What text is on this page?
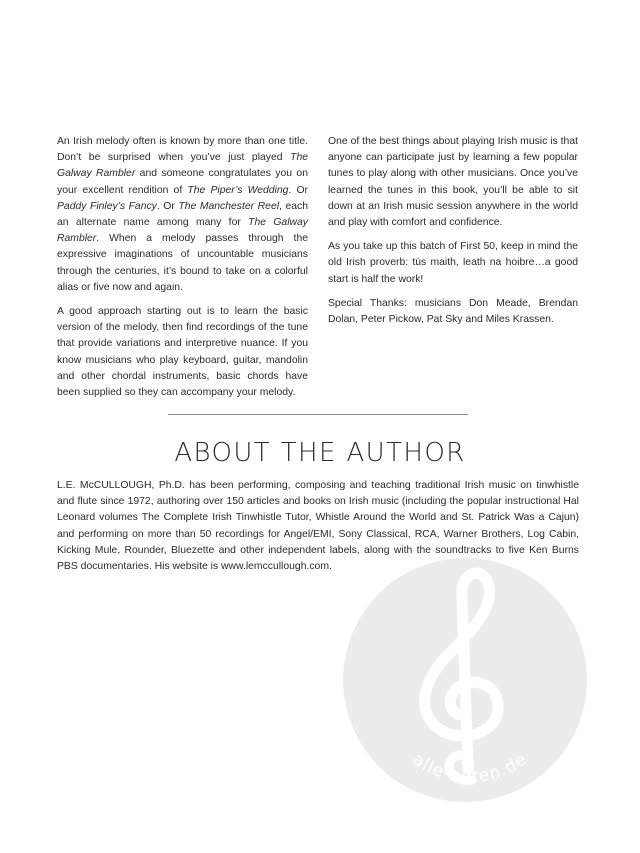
An Irish melody often is known by more than one title. Don’t be surprised when you’ve just played The Galway Rambler and someone congratulates you on your excellent rendition of The Piper’s Wedding. Or Paddy Finley’s Fancy. Or The Manchester Reel, each an alternate name among many for The Galway Rambler. When a melody passes through the expressive imaginations of uncountable musicians through the centuries, it’s bound to take on a colorful alias or five now and again.

A good approach starting out is to learn the basic version of the melody, then find recordings of the tune that provide variations and interpretive nuance. If you know musicians who play keyboard, guitar, mandolin and other chordal instruments, basic chords have been supplied so they can accompany your melody.

One of the best things about playing Irish music is that anyone can participate just by learning a few popular tunes to play along with other musicians. Once you’ve learned the tunes in this book, you’ll be able to sit down at an Irish music session anywhere in the world and play with comfort and confidence.

As you take up this batch of First 50, keep in mind the old Irish proverb: tús maith, leath na hoibre…a good start is half the work!

Special Thanks: musicians Don Meade, Brendan Dolan, Peter Pickow, Pat Sky and Miles Krassen.

ABOUT THE AUTHOR

L.E. McCULLOUGH, Ph.D. has been performing, composing and teaching traditional Irish music on tinwhistle and flute since 1972, authoring over 150 articles and books on Irish music (including the popular instructional Hal Leonard volumes The Complete Irish Tinwhistle Tutor, Whistle Around the World and St. Patrick Was a Cajun) and performing on more than 50 recordings for Angel/EMI, Sony Classical, RCA, Warner Brothers, Log Cabin, Kicking Mule, Rounder, Bluezette and other independent labels, along with the soundtracks to five Ken Burns PBS documentaries. His website is www.lemccullough.com.

alle-noten.de
